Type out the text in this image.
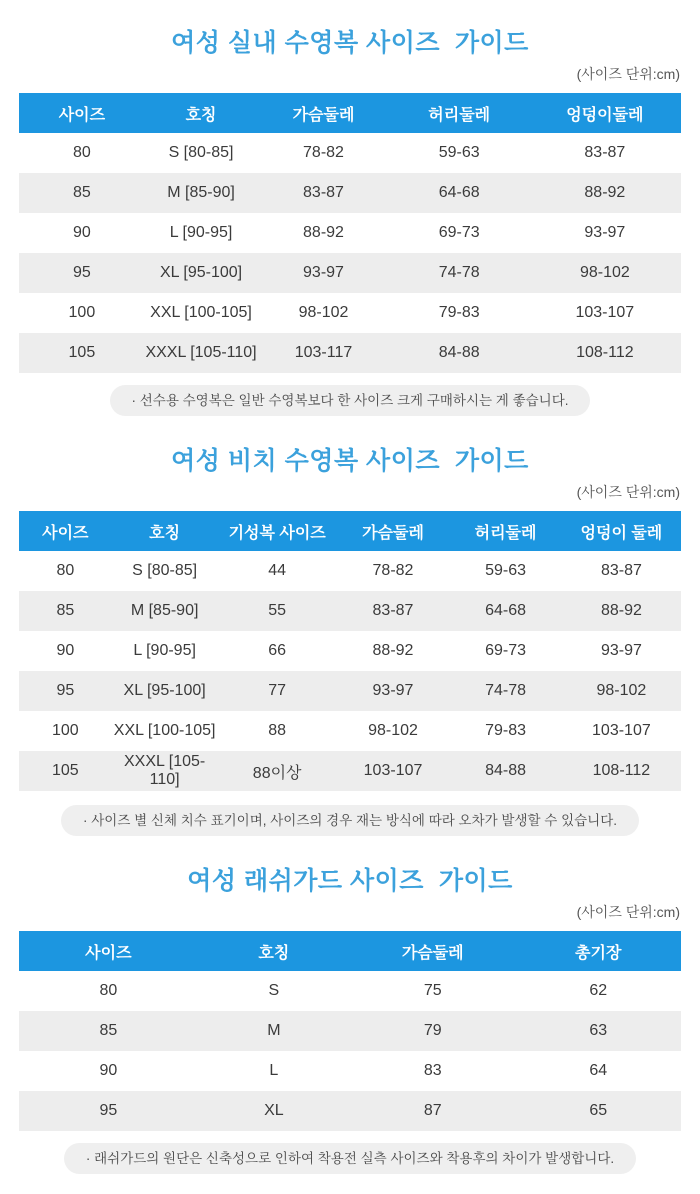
여성 실내 수영복 사이즈  가이드
(사이즈 단위:cm)
사이즈	호칭	가슴둘레	허리둘레	엉덩이둘레
80	S [80-85]	78-82	59-63	83-87
85	M [85-90]	83-87	64-68	88-92
90	L [90-95]	88-92	69-73	93-97
95	XL [95-100]	93-97	74-78	98-102
100	XXL [100-105]	98-102	79-83	103-107
105	XXXL [105-110]	103-117	84-88	108-112
· 선수용 수영복은 일반 수영복보다 한 사이즈 크게 구매하시는 게 좋습니다.
여성 비치 수영복 사이즈  가이드
(사이즈 단위:cm)
사이즈	호칭	기성복 사이즈	가슴둘레	허리둘레	엉덩이 둘레
80	S [80-85]	44	78-82	59-63	83-87
85	M [85-90]	55	83-87	64-68	88-92
90	L [90-95]	66	88-92	69-73	93-97
95	XL [95-100]	77	93-97	74-78	98-102
100	XXL [100-105]	88	98-102	79-83	103-107
105	XXXL [105-110]	88이상	103-107	84-88	108-112
· 사이즈 별 신체 치수 표기이며, 사이즈의 경우 재는 방식에 따라 오차가 발생할 수 있습니다.
여성 래쉬가드 사이즈  가이드
(사이즈 단위:cm)
사이즈	호칭	가슴둘레	총기장
80	S	75	62
85	M	79	63
90	L	83	64
95	XL	87	65
· 래쉬가드의 원단은 신축성으로 인하여 착용전 실측 사이즈와 착용후의 차이가 발생합니다.
